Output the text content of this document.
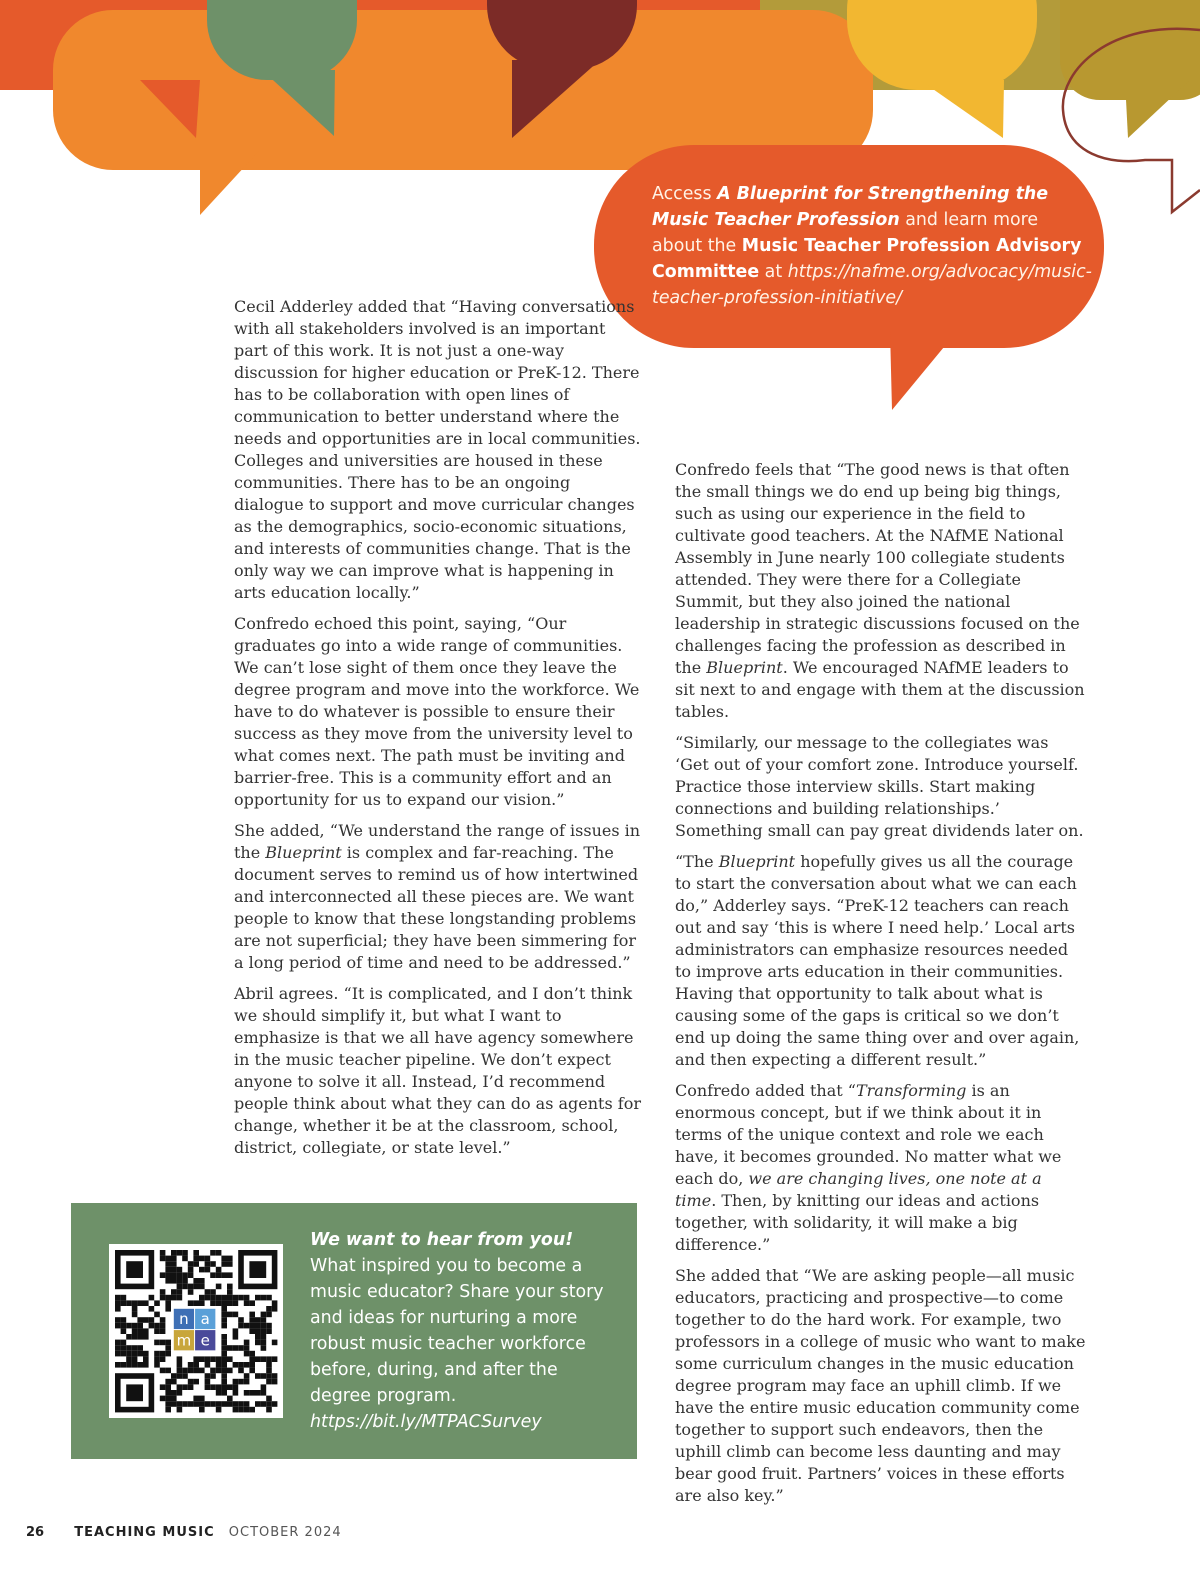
Access A Blueprint for Strengthening the Music Teacher Profession and learn more about the Music Teacher Profession Advisory Committee at https://nafme.org/advocacy/music-teacher-profession-initiative/

Cecil Adderley added that “Having conversations with all stakeholders involved is an important part of this work. It is not just a one-way discussion for higher education or PreK-12. There has to be collaboration with open lines of communication to better understand where the needs and opportunities are in local communities. Colleges and universities are housed in these communities. There has to be an ongoing dialogue to support and move curricular changes as the demographics, socio-economic situations, and interests of communities change. That is the only way we can improve what is happening in arts education locally.”

Confredo echoed this point, saying, “Our graduates go into a wide range of communities. We can’t lose sight of them once they leave the degree program and move into the workforce. We have to do whatever is possible to ensure their success as they move from the university level to what comes next. The path must be inviting and barrier-free. This is a community effort and an opportunity for us to expand our vision.”

She added, “We understand the range of issues in the Blueprint is complex and far-reaching. The document serves to remind us of how intertwined and interconnected all these pieces are. We want people to know that these longstanding problems are not superficial; they have been simmering for a long period of time and need to be addressed.”

Abril agrees. “It is complicated, and I don’t think we should simplify it, but what I want to emphasize is that we all have agency somewhere in the music teacher pipeline. We don’t expect anyone to solve it all. Instead, I’d recommend people think about what they can do as agents for change, whether it be at the classroom, school, district, collegiate, or state level.”

Confredo feels that “The good news is that often the small things we do end up being big things, such as using our experience in the field to cultivate good teachers. At the NAfME National Assembly in June nearly 100 collegiate students attended. They were there for a Collegiate Summit, but they also joined the national leadership in strategic discussions focused on the challenges facing the profession as described in the Blueprint. We encouraged NAfME leaders to sit next to and engage with them at the discussion tables.

“Similarly, our message to the collegiates was ‘Get out of your comfort zone. Introduce yourself. Practice those interview skills. Start making connections and building relationships.’ Something small can pay great dividends later on.

“The Blueprint hopefully gives us all the courage to start the conversation about what we can each do,” Adderley says. “PreK-12 teachers can reach out and say ‘this is where I need help.’ Local arts administrators can emphasize resources needed to improve arts education in their communities. Having that opportunity to talk about what is causing some of the gaps is critical so we don’t end up doing the same thing over and over again, and then expecting a different result.”

Confredo added that “Transforming is an enormous concept, but if we think about it in terms of the unique context and role we each have, it becomes grounded. No matter what we each do, we are changing lives, one note at a time. Then, by knitting our ideas and actions together, with solidarity, it will make a big difference.”

She added that “We are asking people—all music educators, practicing and prospective—to come together to do the hard work. For example, two professors in a college of music who want to make some curriculum changes in the music education degree program may face an uphill climb. If we have the entire music education community come together to support such endeavors, then the uphill climb can become less daunting and may bear good fruit. Partners’ voices in these efforts are also key.”

n a
m e
We want to hear from you!
What inspired you to become a music educator? Share your story and ideas for nurturing a more robust music teacher workforce before, during, and after the degree program.
https://bit.ly/MTPACSurvey
26 TEACHING MUSIC OCTOBER 2024
